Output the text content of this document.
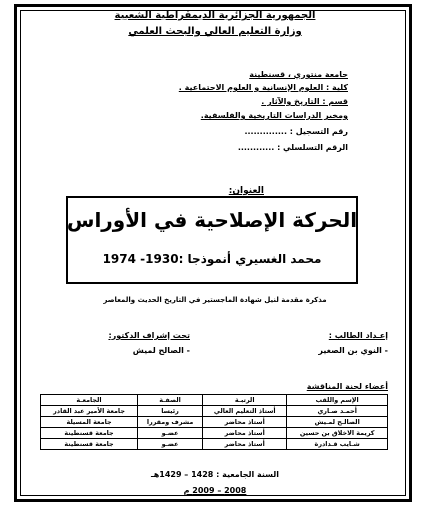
الجمهورية الجزائرية الديمقراطية الشعبية
وزارة التعليم العالي والبحث العلمي
جامعة منتوري ، قسنطينة
كلية : العلوم الإنسانية و العلوم الاجتماعية .
قسم : التاريخ والآثار .
ومخبر الدراسات التاريخية والفلسفية.
رقم التسجيل : ..............
الرقم التسلسلي : ............
العنوان:
الحركة الإصلاحية في الأوراس
محمد الغسيري أنموذجا :1930- 1974
مذكرة مقدمة لنيل شهادة الماجستير في التاريخ الحديث والمعاصر
إعـداد الطالب :
- النوي بن الصغير
تحت إشراف الدكتور:
- الصالح لميش
أعضاء لجنة المناقشة
الإسم واللقب	الرتبـة	الصفـة	الجامعـة
أحمـد صـاري	أستاذ التعليم العالي	رئيسا	جامعة الأمير عبد القادر
الصالـح لمـيش	أستاذ محاضر	مشرف ومقررا	جامعة المسيلة
كريمة الاخلاق بن حسين	أستاذ محاضر	عضـو	جامعة قسنطينة
شـايب قـدادرة	أستاذ محاضر	عضـو	جامعة قسنطينة
السنة الجامعية : 1428 – 1429هـ
2008 – 2009 م
